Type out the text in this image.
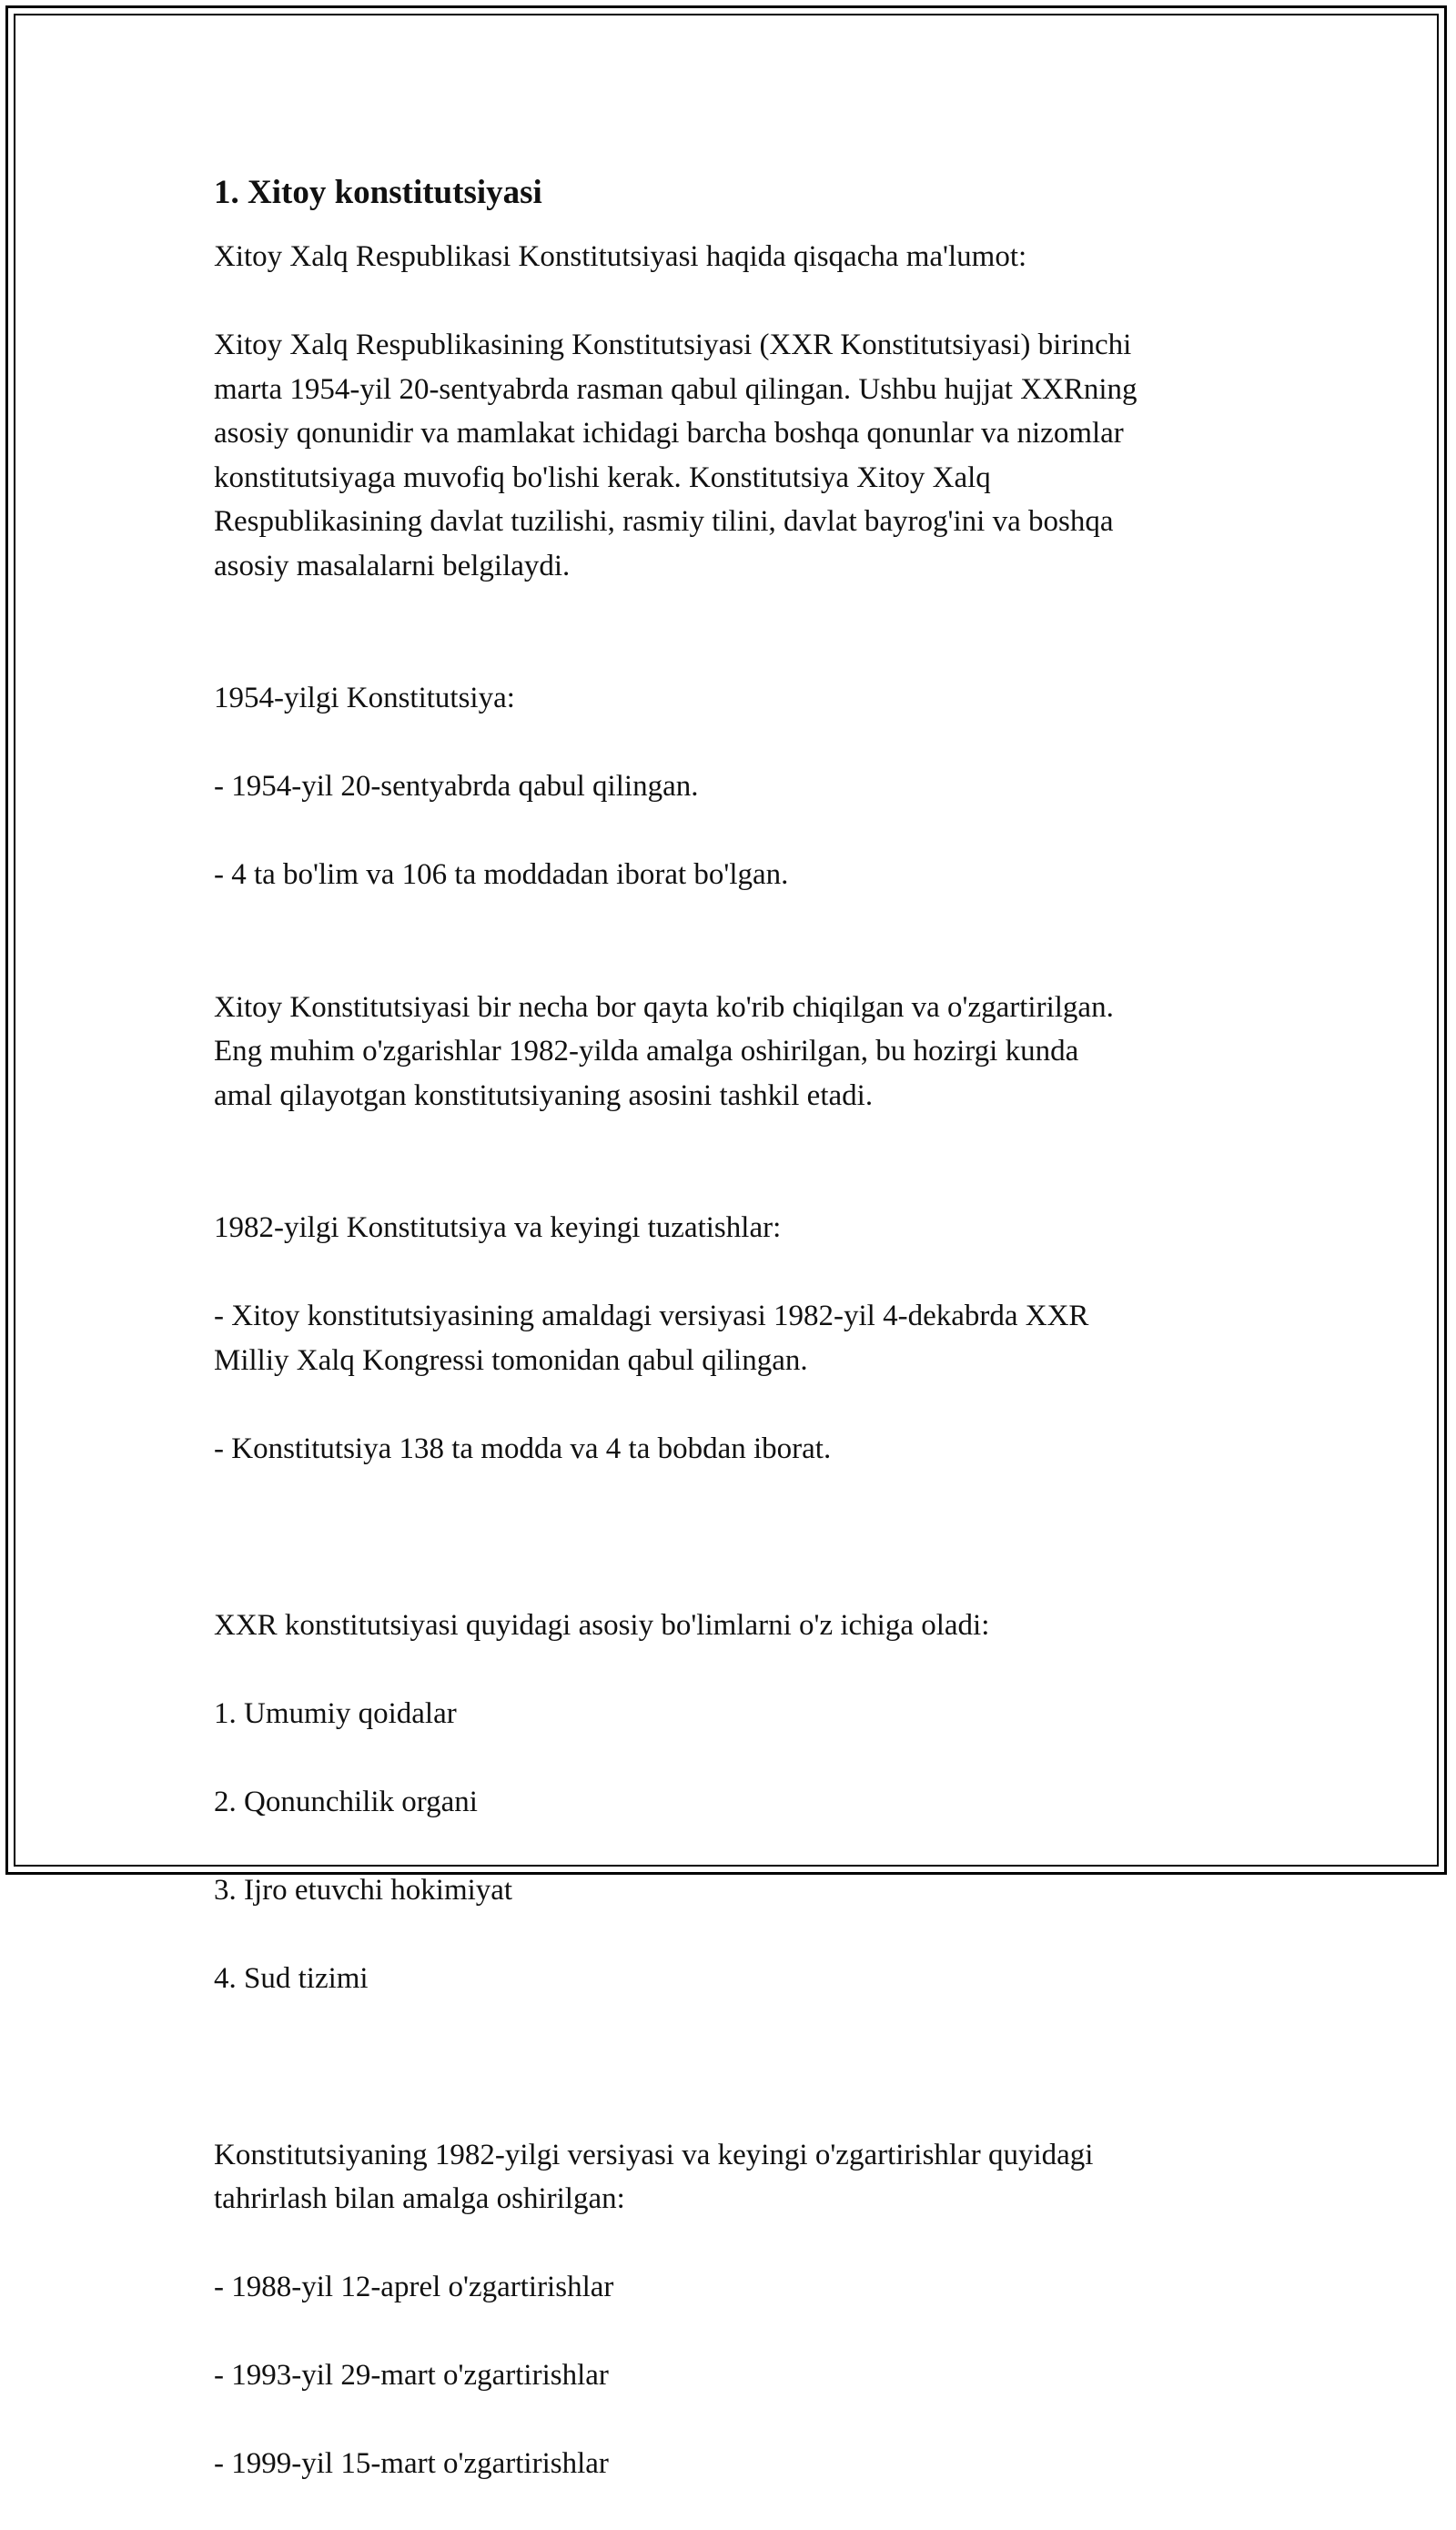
1. Xitoy konstitutsiyasi
Xitoy Xalq Respublikasi Konstitutsiyasi haqida qisqacha ma'lumot:
Xitoy Xalq Respublikasining Konstitutsiyasi (XXR Konstitutsiyasi) birinchi
marta 1954-yil 20-sentyabrda rasman qabul qilingan. Ushbu hujjat XXRning
asosiy qonunidir va mamlakat ichidagi barcha boshqa qonunlar va nizomlar
konstitutsiyaga muvofiq bo'lishi kerak. Konstitutsiya Xitoy Xalq
Respublikasining davlat tuzilishi, rasmiy tilini, davlat bayrog'ini va boshqa
asosiy masalalarni belgilaydi.

1954-yilgi Konstitutsiya:

- 1954-yil 20-sentyabrda qabul qilingan.

- 4 ta bo'lim va 106 ta moddadan iborat bo'lgan.

Xitoy Konstitutsiyasi bir necha bor qayta ko'rib chiqilgan va o'zgartirilgan.
Eng muhim o'zgarishlar 1982-yilda amalga oshirilgan, bu hozirgi kunda
amal qilayotgan konstitutsiyaning asosini tashkil etadi.

1982-yilgi Konstitutsiya va keyingi tuzatishlar:

- Xitoy konstitutsiyasining amaldagi versiyasi 1982-yil 4-dekabrda XXR
Milliy Xalq Kongressi tomonidan qabul qilingan.

- Konstitutsiya 138 ta modda va 4 ta bobdan iborat.

XXR konstitutsiyasi quyidagi asosiy bo'limlarni o'z ichiga oladi:

1. Umumiy qoidalar

2. Qonunchilik organi

3. Ijro etuvchi hokimiyat

4. Sud tizimi

Konstitutsiyaning 1982-yilgi versiyasi va keyingi o'zgartirishlar quyidagi
tahrirlash bilan amalga oshirilgan:

- 1988-yil 12-aprel o'zgartirishlar

- 1993-yil 29-mart o'zgartirishlar

- 1999-yil 15-mart o'zgartirishlar
